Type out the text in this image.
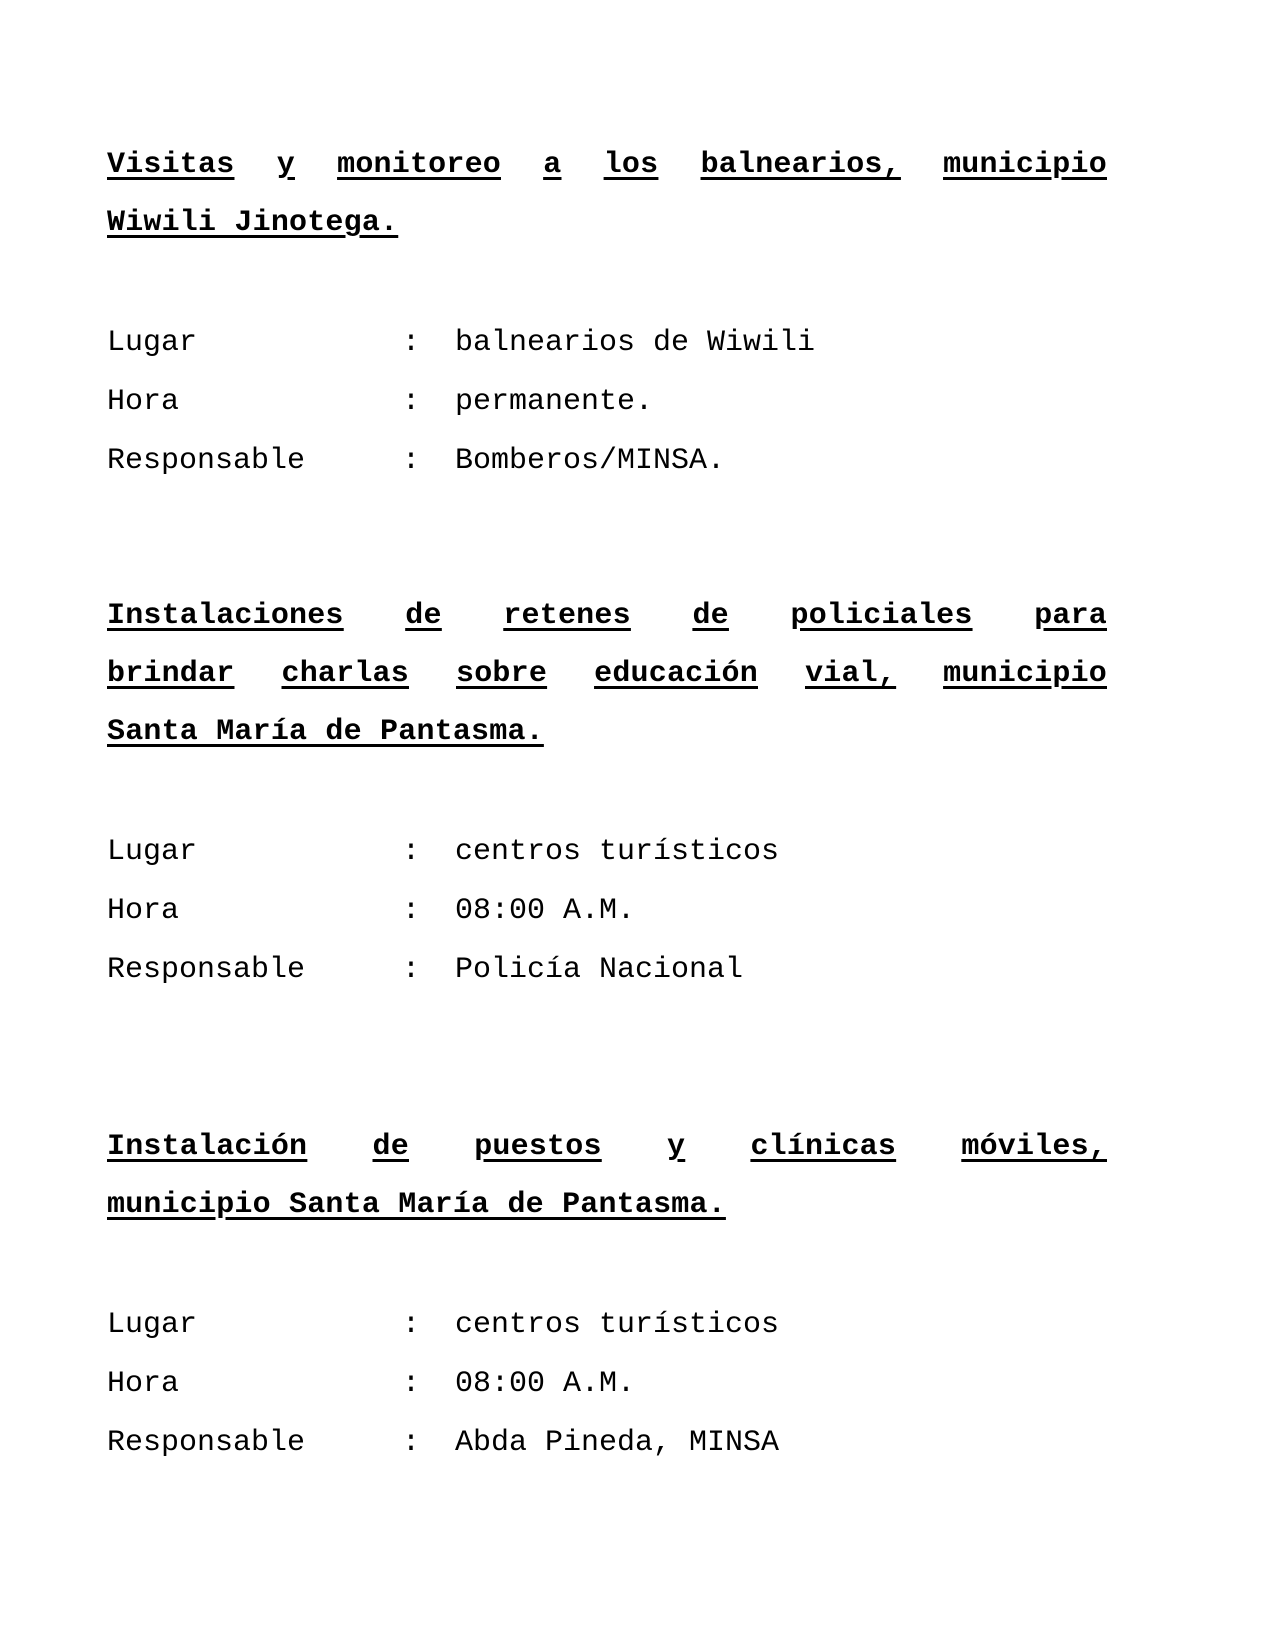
Visitas y monitoreo a los balnearios, municipio
Wiwili Jinotega.
Lugar	:	balnearios de Wiwili
Hora	:	permanente.
Responsable	:	Bomberos/MINSA.
Instalaciones de retenes de policiales para
brindar charlas sobre educación vial, municipio
Santa María de Pantasma.
Lugar	:	centros turísticos
Hora	:	08:00 A.M.
Responsable	:	Policía Nacional
Instalación de puestos y clínicas móviles,
municipio Santa María de Pantasma.
Lugar	:	centros turísticos
Hora	:	08:00 A.M.
Responsable	:	Abda Pineda, MINSA
